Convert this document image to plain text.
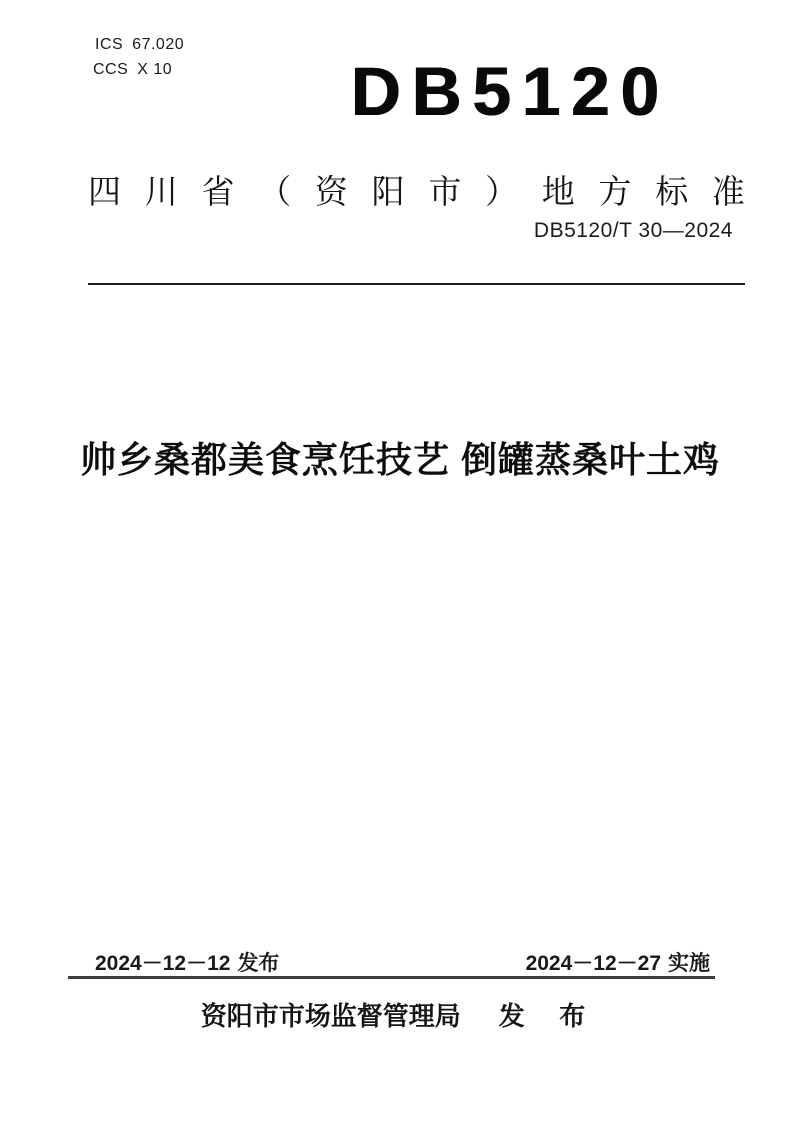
ICS 67.020
CCS X 10	DB5120
四 川 省 （ 资 阳 市 ） 地 方 标 准
DB5120/T 30—2024
帅乡桑都美食烹饪技艺 倒罐蒸桑叶土鸡
2024－12－12 发布	2024－12－27 实施
资阳市市场监督管理局 发 布
